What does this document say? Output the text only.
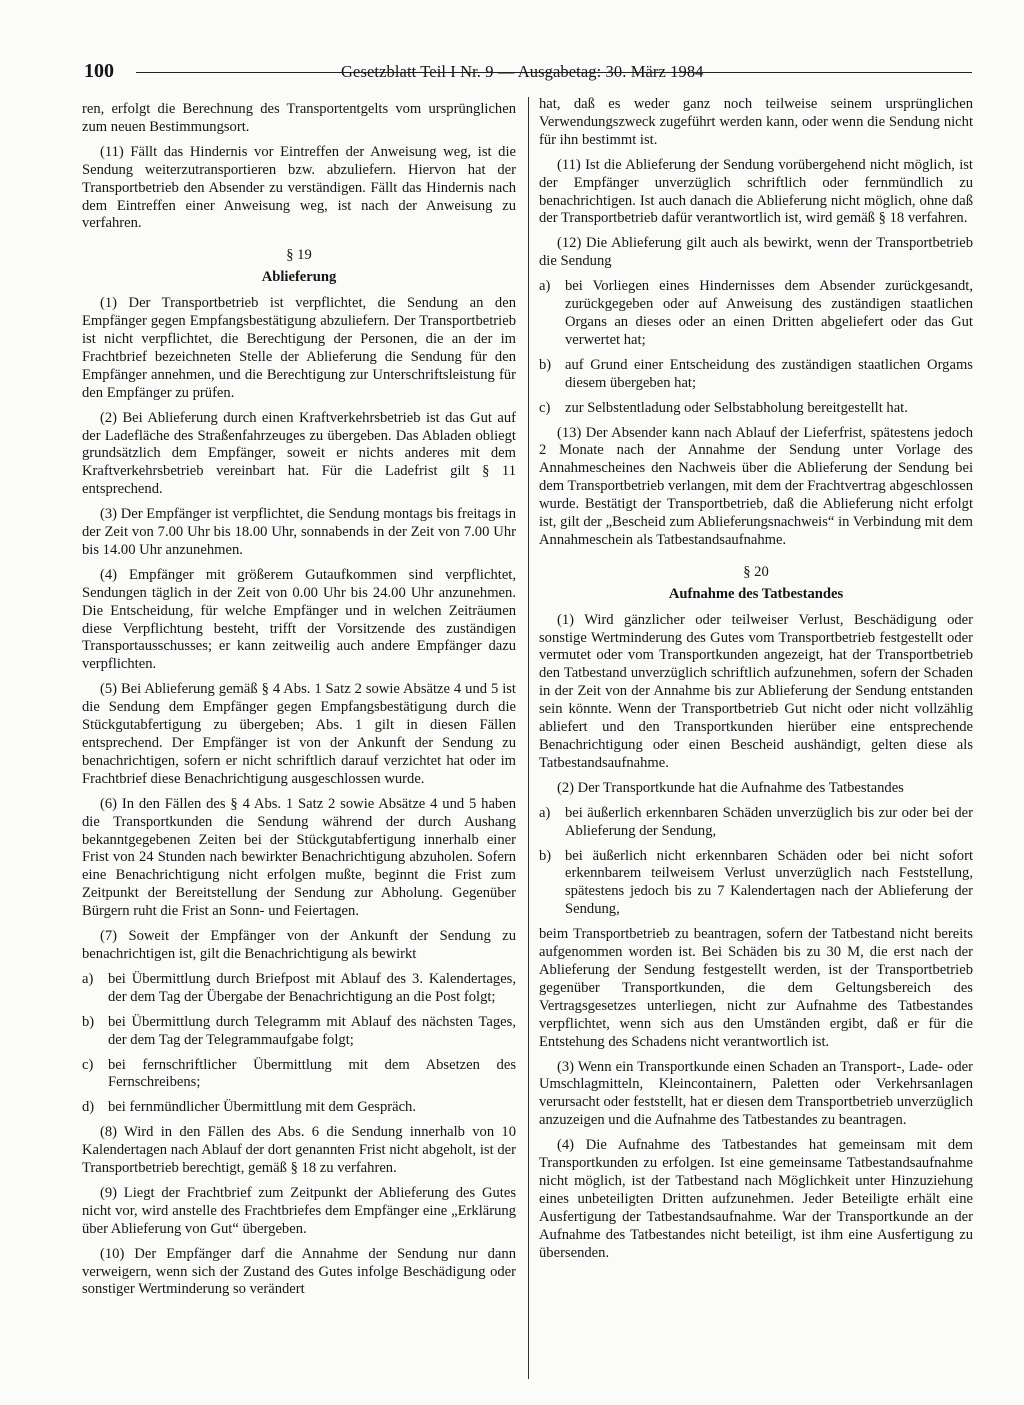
100	Gesetzblatt Teil I Nr. 9 — Ausgabetag: 30. März 1984

ren, erfolgt die Berechnung des Transportentgelts vom ursprünglichen zum neuen Bestimmungsort.

(11) Fällt das Hindernis vor Eintreffen der Anweisung weg, ist die Sendung weiterzutransportieren bzw. abzuliefern. Hiervon hat der Transportbetrieb den Absender zu verständigen. Fällt das Hindernis nach dem Eintreffen einer Anweisung weg, ist nach der Anweisung zu verfahren.

§ 19
Ablieferung

(1) Der Transportbetrieb ist verpflichtet, die Sendung an den Empfänger gegen Empfangsbestätigung abzuliefern. Der Transportbetrieb ist nicht verpflichtet, die Berechtigung der Personen, die an der im Frachtbrief bezeichneten Stelle der Ablieferung die Sendung für den Empfänger annehmen, und die Berechtigung zur Unterschriftsleistung für den Empfänger zu prüfen.

(2) Bei Ablieferung durch einen Kraftverkehrsbetrieb ist das Gut auf der Ladefläche des Straßenfahrzeuges zu übergeben. Das Abladen obliegt grundsätzlich dem Empfänger, soweit er nichts anderes mit dem Kraftverkehrsbetrieb vereinbart hat. Für die Ladefrist gilt § 11 entsprechend.

(3) Der Empfänger ist verpflichtet, die Sendung montags bis freitags in der Zeit von 7.00 Uhr bis 18.00 Uhr, sonnabends in der Zeit von 7.00 Uhr bis 14.00 Uhr anzunehmen.

(4) Empfänger mit größerem Gutaufkommen sind verpflichtet, Sendungen täglich in der Zeit von 0.00 Uhr bis 24.00 Uhr anzunehmen. Die Entscheidung, für welche Empfänger und in welchen Zeiträumen diese Verpflichtung besteht, trifft der Vorsitzende des zuständigen Transportausschusses; er kann zeitweilig auch andere Empfänger dazu verpflichten.

(5) Bei Ablieferung gemäß § 4 Abs. 1 Satz 2 sowie Absätze 4 und 5 ist die Sendung dem Empfänger gegen Empfangsbestätigung durch die Stückgutabfertigung zu übergeben; Abs. 1 gilt in diesen Fällen entsprechend. Der Empfänger ist von der Ankunft der Sendung zu benachrichtigen, sofern er nicht schriftlich darauf verzichtet hat oder im Frachtbrief diese Benachrichtigung ausgeschlossen wurde.

(6) In den Fällen des § 4 Abs. 1 Satz 2 sowie Absätze 4 und 5 haben die Transportkunden die Sendung während der durch Aushang bekanntgegebenen Zeiten bei der Stückgutabfertigung innerhalb einer Frist von 24 Stunden nach bewirkter Benachrichtigung abzuholen. Sofern eine Benachrichtigung nicht erfolgen mußte, beginnt die Frist zum Zeitpunkt der Bereitstellung der Sendung zur Abholung. Gegenüber Bürgern ruht die Frist an Sonn- und Feiertagen.

(7) Soweit der Empfänger von der Ankunft der Sendung zu benachrichtigen ist, gilt die Benachrichtigung als bewirkt

a)	bei Übermittlung durch Briefpost mit Ablauf des 3. Kalendertages, der dem Tag der Übergabe der Benachrichtigung an die Post folgt;
b) bei Übermittlung durch Telegramm mit Ablauf des nächsten Tages, der dem Tag der Telegrammaufgabe folgt;
c)	bei fernschriftlicher Übermittlung mit dem Absetzen des Fernschreibens;
d) bei fernmündlicher Übermittlung mit dem Gespräch.

(8) Wird in den Fällen des Abs. 6 die Sendung innerhalb von 10 Kalendertagen nach Ablauf der dort genannten Frist nicht abgeholt, ist der Transportbetrieb berechtigt, gemäß § 18 zu verfahren.

(9) Liegt der Frachtbrief zum Zeitpunkt der Ablieferung des Gutes nicht vor, wird anstelle des Frachtbriefes dem Empfänger eine „Erklärung über Ablieferung von Gut“ übergeben.

(10) Der Empfänger darf die Annahme der Sendung nur dann verweigern, wenn sich der Zustand des Gutes infolge Beschädigung oder sonstiger Wertminderung so verändert

hat, daß es weder ganz noch teilweise seinem ursprünglichen Verwendungszweck zugeführt werden kann, oder wenn die Sendung nicht für ihn bestimmt ist.

(11) Ist die Ablieferung der Sendung vorübergehend nicht möglich, ist der Empfänger unverzüglich schriftlich oder fernmündlich zu benachrichtigen. Ist auch danach die Ablieferung nicht möglich, ohne daß der Transportbetrieb dafür verantwortlich ist, wird gemäß § 18 verfahren.

(12) Die Ablieferung gilt auch als bewirkt, wenn der Transportbetrieb die Sendung

a)	bei Vorliegen eines Hindernisses dem Absender zurückgesandt, zurückgegeben oder auf Anweisung des zuständigen staatlichen Organs an dieses oder an einen Dritten abgeliefert oder das Gut verwertet hat;
b) auf Grund einer Entscheidung des zuständigen staatlichen Orgams diesem übergeben hat;
c)	zur Selbstentladung oder Selbstabholung bereitgestellt hat.

(13) Der Absender kann nach Ablauf der Lieferfrist, spätestens jedoch 2 Monate nach der Annahme der Sendung unter Vorlage des Annahmescheines den Nachweis über die Ablieferung der Sendung bei dem Transportbetrieb verlangen, mit dem der Frachtvertrag abgeschlossen wurde. Bestätigt der Transportbetrieb, daß die Ablieferung nicht erfolgt ist, gilt der „Bescheid zum Ablieferungsnachweis“ in Verbindung mit dem Annahmeschein als Tatbestandsaufnahme.

§ 20
Aufnahme des Tatbestandes

(1) Wird gänzlicher oder teilweiser Verlust, Beschädigung oder sonstige Wertminderung des Gutes vom Transportbetrieb festgestellt oder vermutet oder vom Transportkunden angezeigt, hat der Transportbetrieb den Tatbestand unverzüglich schriftlich aufzunehmen, sofern der Schaden in der Zeit von der Annahme bis zur Ablieferung der Sendung entstanden sein könnte. Wenn der Transportbetrieb Gut nicht oder nicht vollzählig abliefert und den Transportkunden hierüber eine entsprechende Benachrichtigung oder einen Bescheid aushändigt, gelten diese als Tatbestandsaufnahme.

(2) Der Transportkunde hat die Aufnahme des Tatbestandes

a)	bei äußerlich erkennbaren Schäden unverzüglich bis zur oder bei der Ablieferung der Sendung,
b) bei äußerlich nicht erkennbaren Schäden oder bei nicht sofort erkennbarem teilweisem Verlust unverzüglich nach Feststellung, spätestens jedoch bis zu 7 Kalendertagen nach der Ablieferung der Sendung,

beim Transportbetrieb zu beantragen, sofern der Tatbestand nicht bereits aufgenommen worden ist. Bei Schäden bis zu 30 M, die erst nach der Ablieferung der Sendung festgestellt werden, ist der Transportbetrieb gegenüber Transportkunden, die dem Geltungsbereich des Vertragsgesetzes unterliegen, nicht zur Aufnahme des Tatbestandes verpflichtet, wenn sich aus den Umständen ergibt, daß er für die Entstehung des Schadens nicht verantwortlich ist.

(3) Wenn ein Transportkunde einen Schaden an Transport-, Lade- oder Umschlagmitteln, Kleincontainern, Paletten oder Verkehrsanlagen verursacht oder feststellt, hat er diesen dem Transportbetrieb unverzüglich anzuzeigen und die Aufnahme des Tatbestandes zu beantragen.

(4) Die Aufnahme des Tatbestandes hat gemeinsam mit dem Transportkunden zu erfolgen. Ist eine gemeinsame Tatbestandsaufnahme nicht möglich, ist der Tatbestand nach Möglichkeit unter Hinzuziehung eines unbeteiligten Dritten aufzunehmen. Jeder Beteiligte erhält eine Ausfertigung der Tatbestandsaufnahme. War der Transportkunde an der Aufnahme des Tatbestandes nicht beteiligt, ist ihm eine Ausfertigung zu übersenden.
